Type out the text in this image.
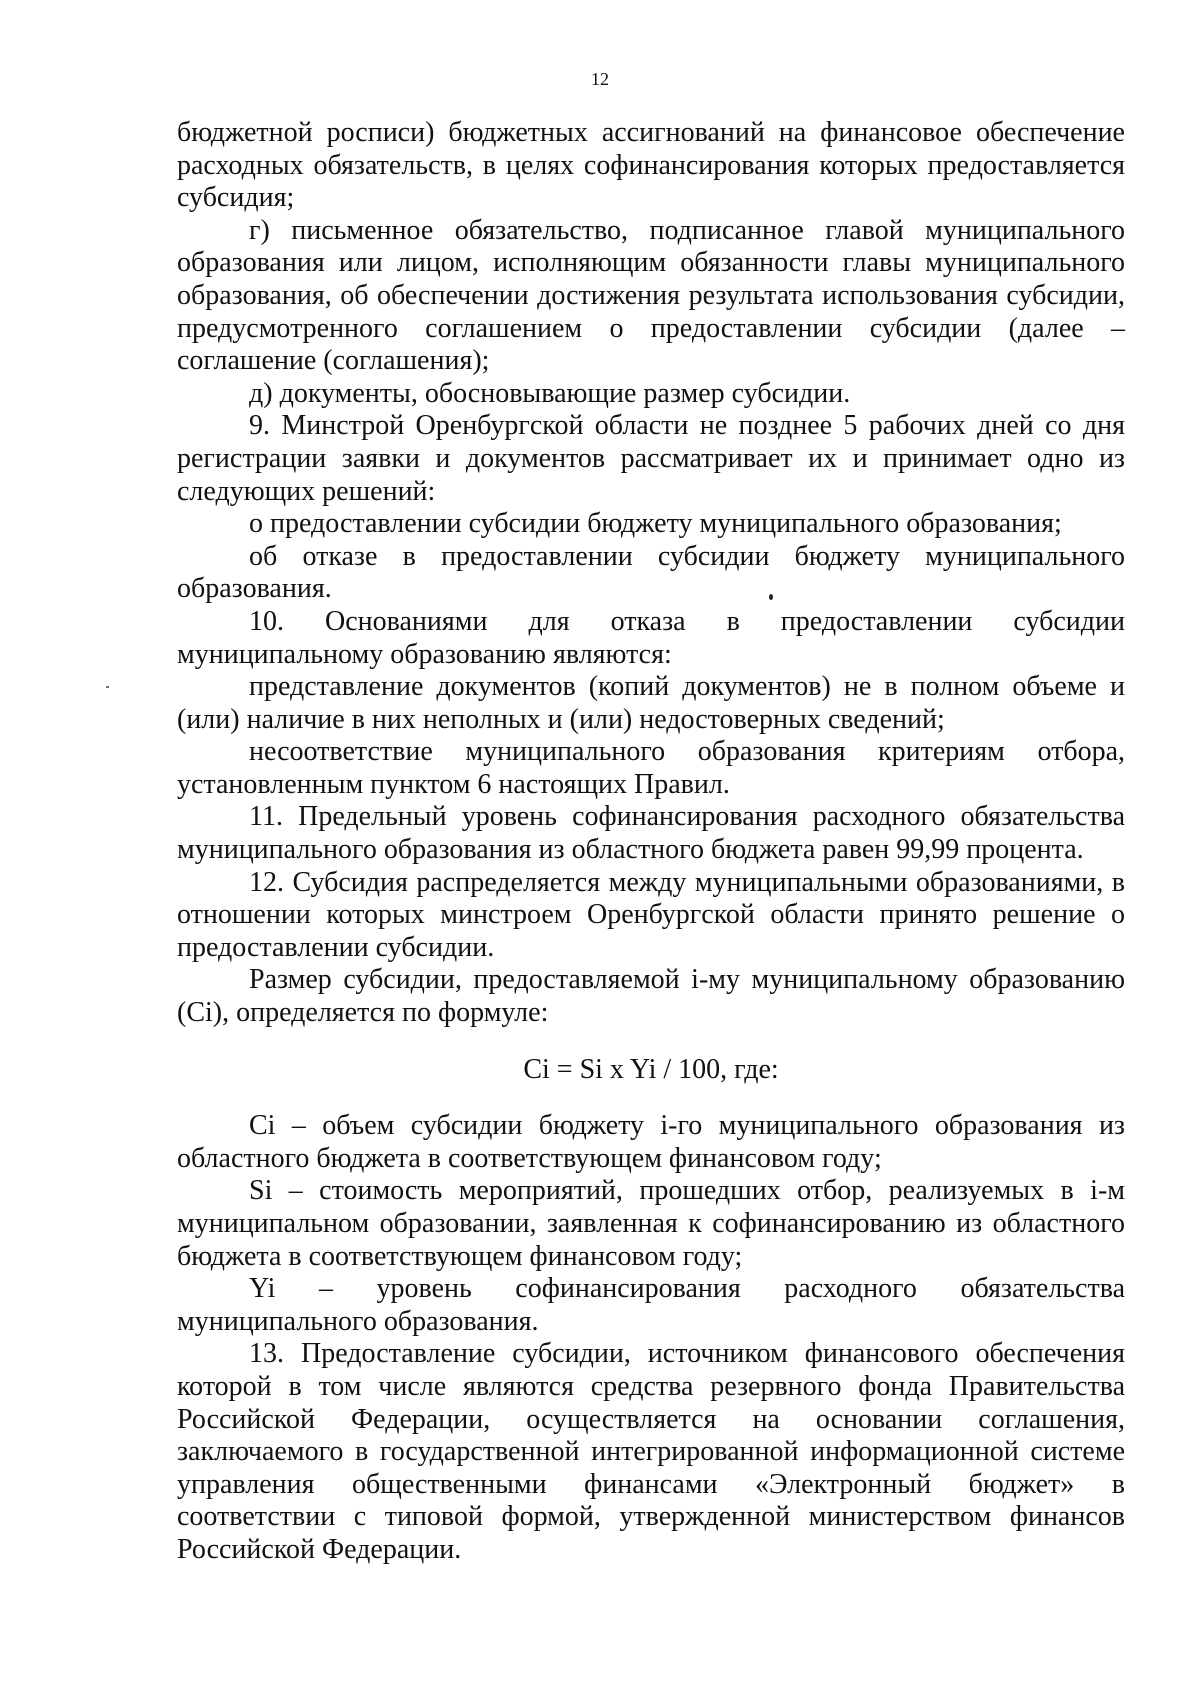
12

бюджетной росписи) бюджетных ассигнований на финансовое обеспечение расходных обязательств, в целях софинансирования которых предоставляется субсидия;

г) письменное обязательство, подписанное главой муниципального образования или лицом, исполняющим обязанности главы муниципального образования, об обеспечении достижения результата использования субсидии, предусмотренного соглашением о предоставлении субсидии (далее – соглашение (соглашения);

д) документы, обосновывающие размер субсидии.

9. Минстрой Оренбургской области не позднее 5 рабочих дней со дня регистрации заявки и документов рассматривает их и принимает одно из следующих решений:

о предоставлении субсидии бюджету муниципального образования;

об отказе в предоставлении субсидии бюджету муниципального образования.

10. Основаниями для отказа в предоставлении субсидии муниципальному образованию являются:

представление документов (копий документов) не в полном объеме и (или) наличие в них неполных и (или) недостоверных сведений;

несоответствие муниципального образования критериям отбора, установленным пунктом 6 настоящих Правил.

11. Предельный уровень софинансирования расходного обязательства муниципального образования из областного бюджета равен 99,99 процента.

12. Субсидия распределяется между муниципальными образованиями, в отношении которых минстроем Оренбургской области принято решение о предоставлении субсидии.

Размер субсидии, предоставляемой i-му муниципальному образованию (Ci), определяется по формуле:

Ci = Si x Yi / 100, где:

Ci – объем субсидии бюджету i-го муниципального образования из областного бюджета в соответствующем финансовом году;

Si – стоимость мероприятий, прошедших отбор, реализуемых в i-м муниципальном образовании, заявленная к софинансированию из областного бюджета в соответствующем финансовом году;

Yi – уровень софинансирования расходного обязательства муниципального образования.

13. Предоставление субсидии, источником финансового обеспечения которой в том числе являются средства резервного фонда Правительства Российской Федерации, осуществляется на основании соглашения, заключаемого в государственной интегрированной информационной системе управления общественными финансами «Электронный бюджет» в соответствии с типовой формой, утвержденной министерством финансов Российской Федерации.
